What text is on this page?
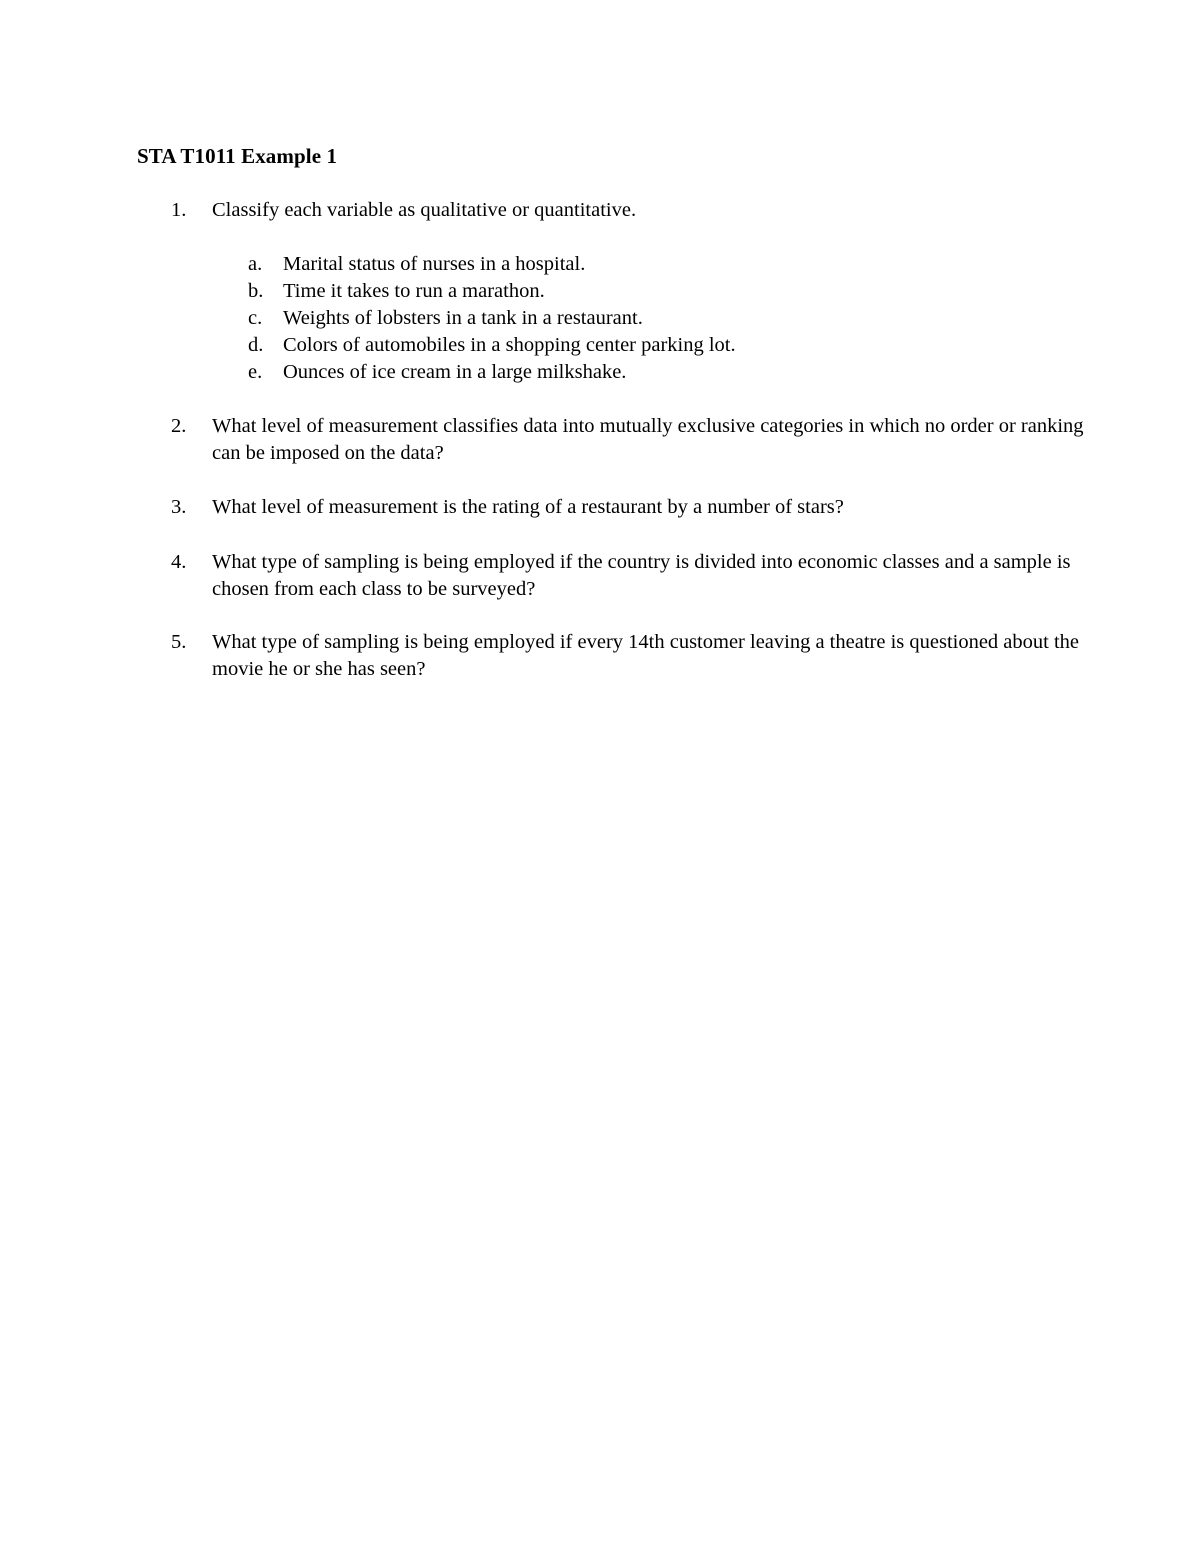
STA T1011 Example 1
1. Classify each variable as qualitative or quantitative.
a. Marital status of nurses in a hospital.
b. Time it takes to run a marathon.
c. Weights of lobsters in a tank in a restaurant.
d. Colors of automobiles in a shopping center parking lot.
e. Ounces of ice cream in a large milkshake.
2. What level of measurement classifies data into mutually exclusive categories in which no order or ranking can be imposed on the data?
3. What level of measurement is the rating of a restaurant by a number of stars?
4. What type of sampling is being employed if the country is divided into economic classes and a sample is chosen from each class to be surveyed?
5. What type of sampling is being employed if every 14th customer leaving a theatre is questioned about the movie he or she has seen?
